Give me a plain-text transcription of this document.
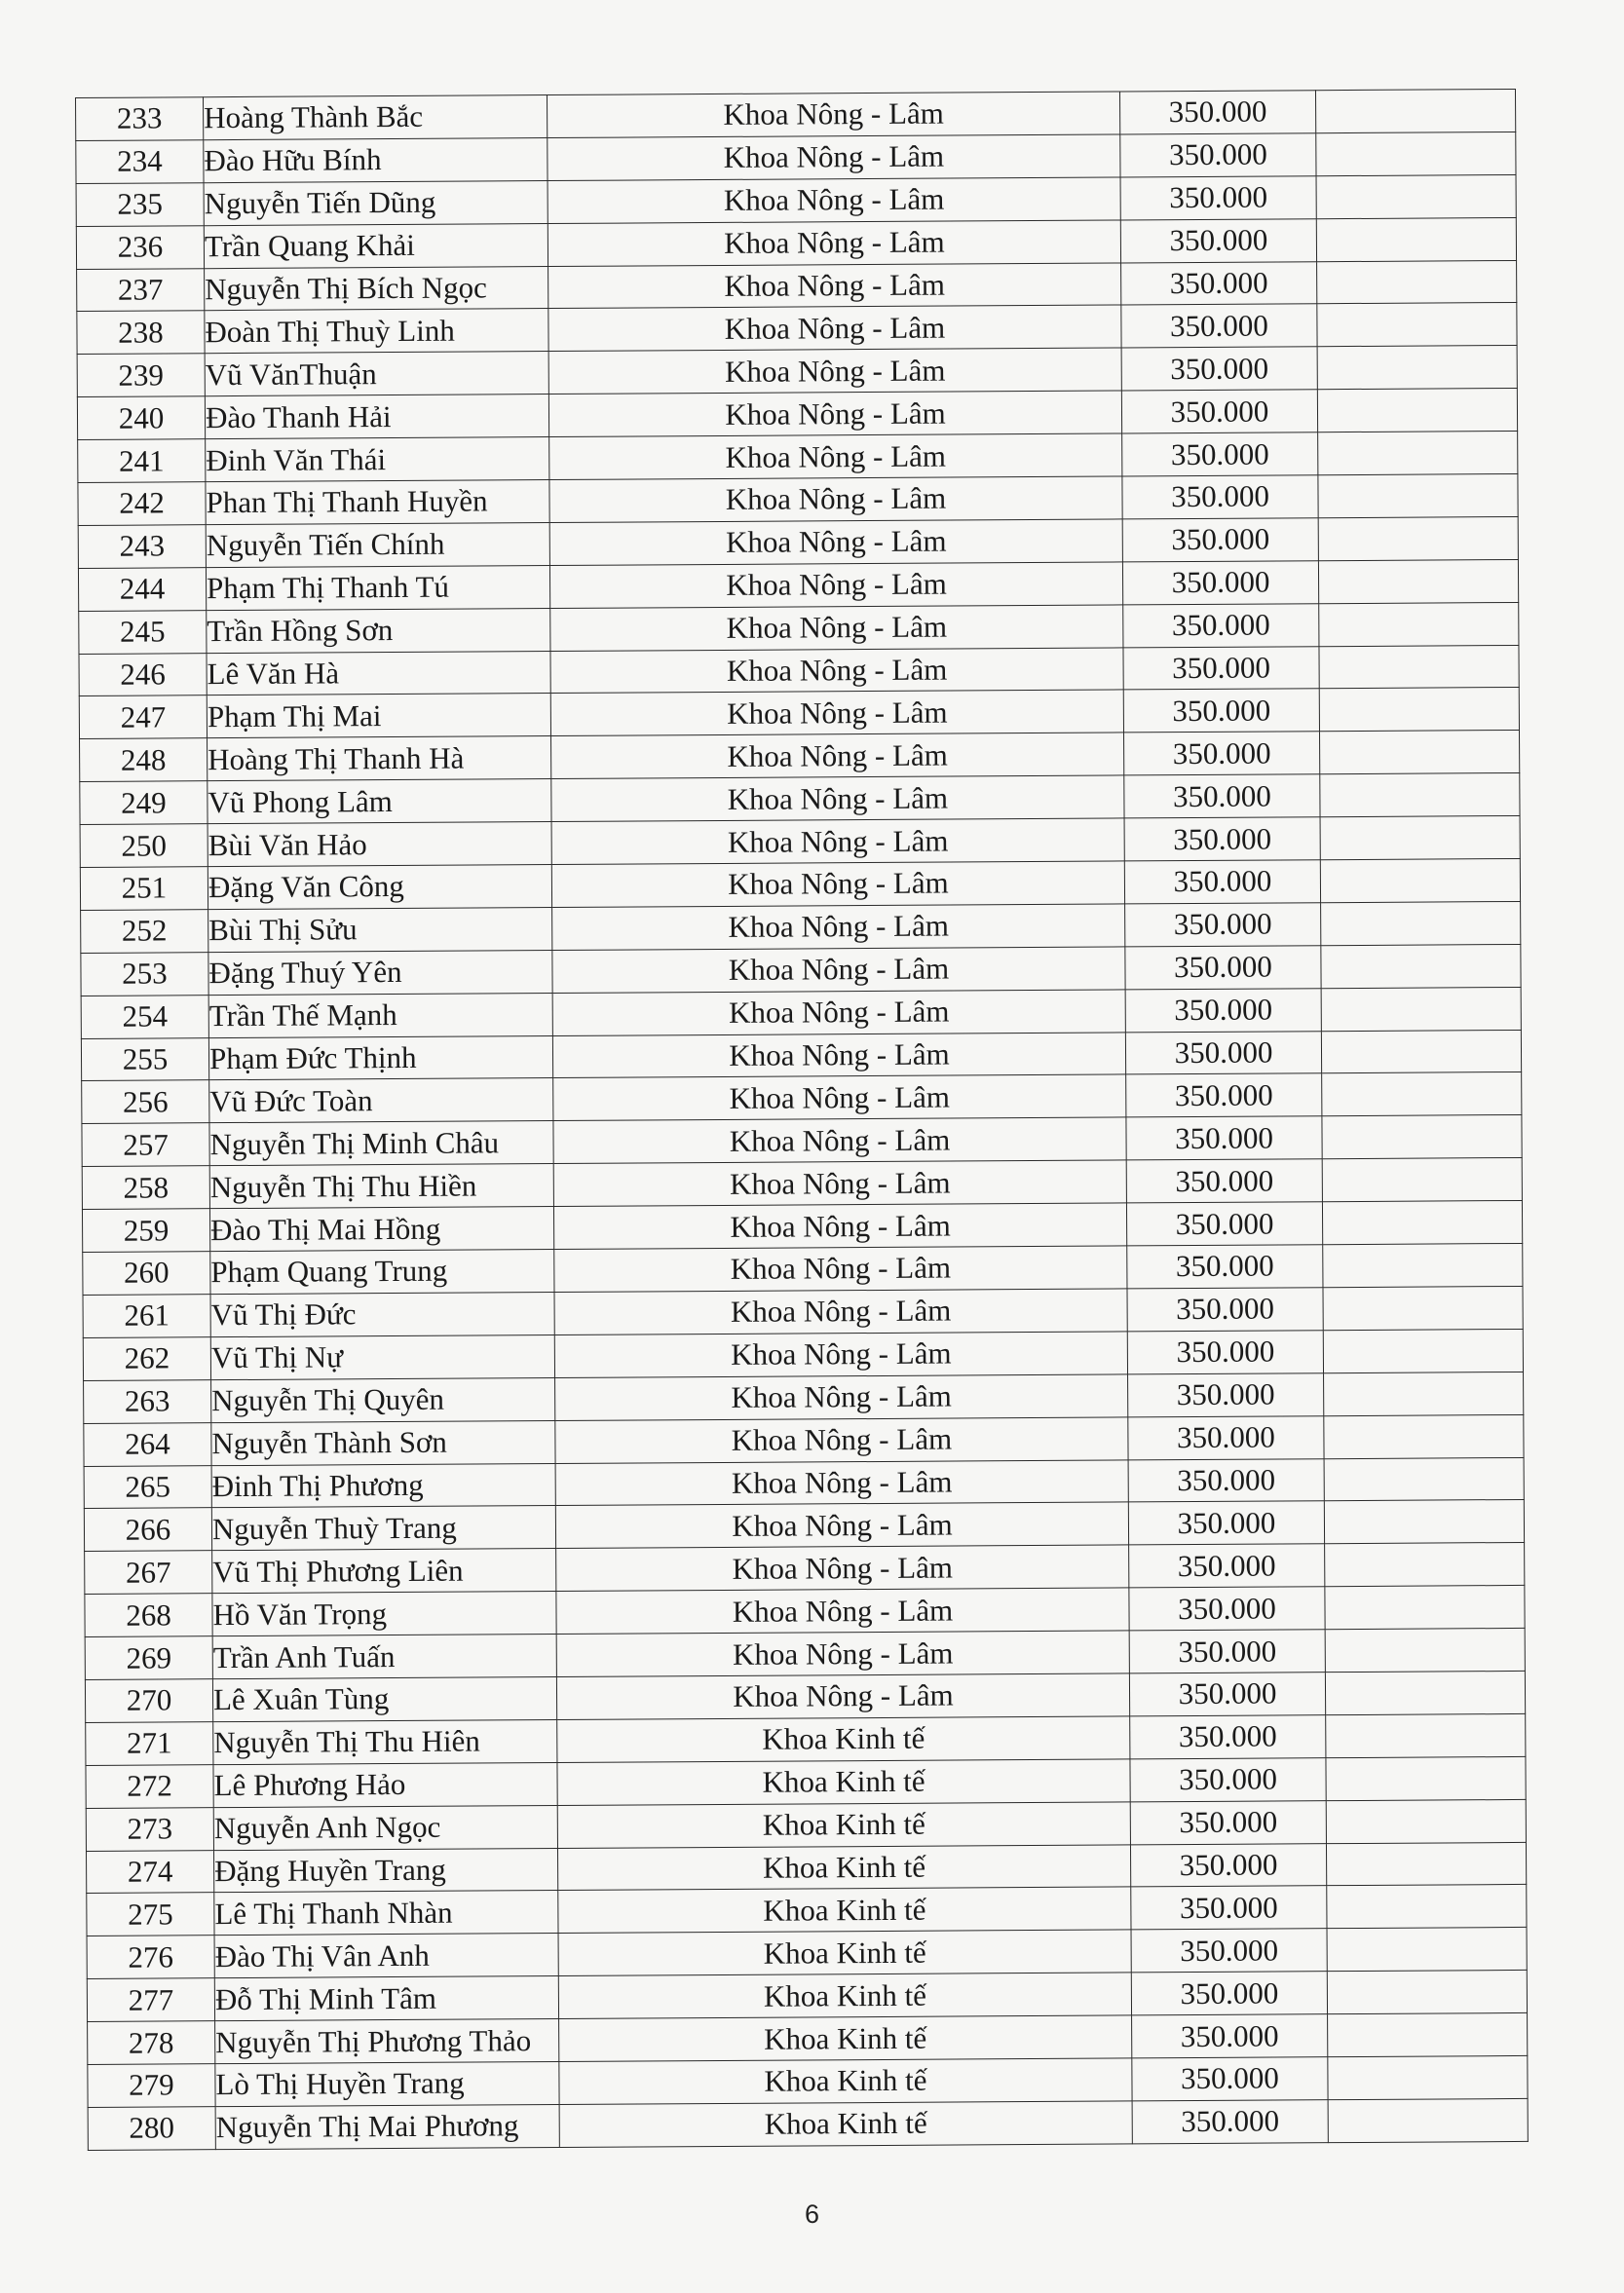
233	Hoàng Thành Bắc	Khoa Nông - Lâm	350.000	
234	Đào Hữu Bính	Khoa Nông - Lâm	350.000	
235	Nguyễn Tiến Dũng	Khoa Nông - Lâm	350.000	
236	Trần Quang Khải	Khoa Nông - Lâm	350.000	
237	Nguyễn Thị Bích Ngọc	Khoa Nông - Lâm	350.000	
238	Đoàn Thị Thuỳ Linh	Khoa Nông - Lâm	350.000	
239	Vũ VănThuận	Khoa Nông - Lâm	350.000	
240	Đào Thanh Hải	Khoa Nông - Lâm	350.000	
241	Đinh Văn Thái	Khoa Nông - Lâm	350.000	
242	Phan Thị Thanh Huyền	Khoa Nông - Lâm	350.000	
243	Nguyễn Tiến Chính	Khoa Nông - Lâm	350.000	
244	Phạm Thị Thanh Tú	Khoa Nông - Lâm	350.000	
245	Trần Hồng Sơn	Khoa Nông - Lâm	350.000	
246	Lê Văn Hà	Khoa Nông - Lâm	350.000	
247	Phạm Thị Mai	Khoa Nông - Lâm	350.000	
248	Hoàng Thị Thanh Hà	Khoa Nông - Lâm	350.000	
249	Vũ Phong Lâm	Khoa Nông - Lâm	350.000	
250	Bùi Văn Hảo	Khoa Nông - Lâm	350.000	
251	Đặng Văn Công	Khoa Nông - Lâm	350.000	
252	Bùi Thị Sửu	Khoa Nông - Lâm	350.000	
253	Đặng Thuý Yên	Khoa Nông - Lâm	350.000	
254	Trần Thế Mạnh	Khoa Nông - Lâm	350.000	
255	Phạm Đức Thịnh	Khoa Nông - Lâm	350.000	
256	Vũ Đức Toàn	Khoa Nông - Lâm	350.000	
257	Nguyễn Thị Minh Châu	Khoa Nông - Lâm	350.000	
258	Nguyễn Thị Thu Hiền	Khoa Nông - Lâm	350.000	
259	Đào Thị Mai Hồng	Khoa Nông - Lâm	350.000	
260	Phạm Quang Trung	Khoa Nông - Lâm	350.000	
261	Vũ Thị Đức	Khoa Nông - Lâm	350.000	
262	Vũ Thị Nự	Khoa Nông - Lâm	350.000	
263	Nguyễn Thị Quyên	Khoa Nông - Lâm	350.000	
264	Nguyễn Thành Sơn	Khoa Nông - Lâm	350.000	
265	Đinh Thị Phương	Khoa Nông - Lâm	350.000	
266	Nguyễn Thuỳ Trang	Khoa Nông - Lâm	350.000	
267	Vũ Thị Phương Liên	Khoa Nông - Lâm	350.000	
268	Hồ Văn Trọng	Khoa Nông - Lâm	350.000	
269	Trần Anh Tuấn	Khoa Nông - Lâm	350.000	
270	Lê Xuân Tùng	Khoa Nông - Lâm	350.000	
271	Nguyễn Thị Thu Hiên	Khoa Kinh tế	350.000	
272	Lê Phương Hảo	Khoa Kinh tế	350.000	
273	Nguyễn Anh Ngọc	Khoa Kinh tế	350.000	
274	Đặng Huyền Trang	Khoa Kinh tế	350.000	
275	Lê Thị Thanh Nhàn	Khoa Kinh tế	350.000	
276	Đào Thị Vân Anh	Khoa Kinh tế	350.000	
277	Đỗ Thị Minh Tâm	Khoa Kinh tế	350.000	
278	Nguyễn Thị Phương Thảo	Khoa Kinh tế	350.000	
279	Lò Thị Huyền Trang	Khoa Kinh tế	350.000	
280	Nguyễn Thị Mai Phương	Khoa Kinh tế	350.000	
6
